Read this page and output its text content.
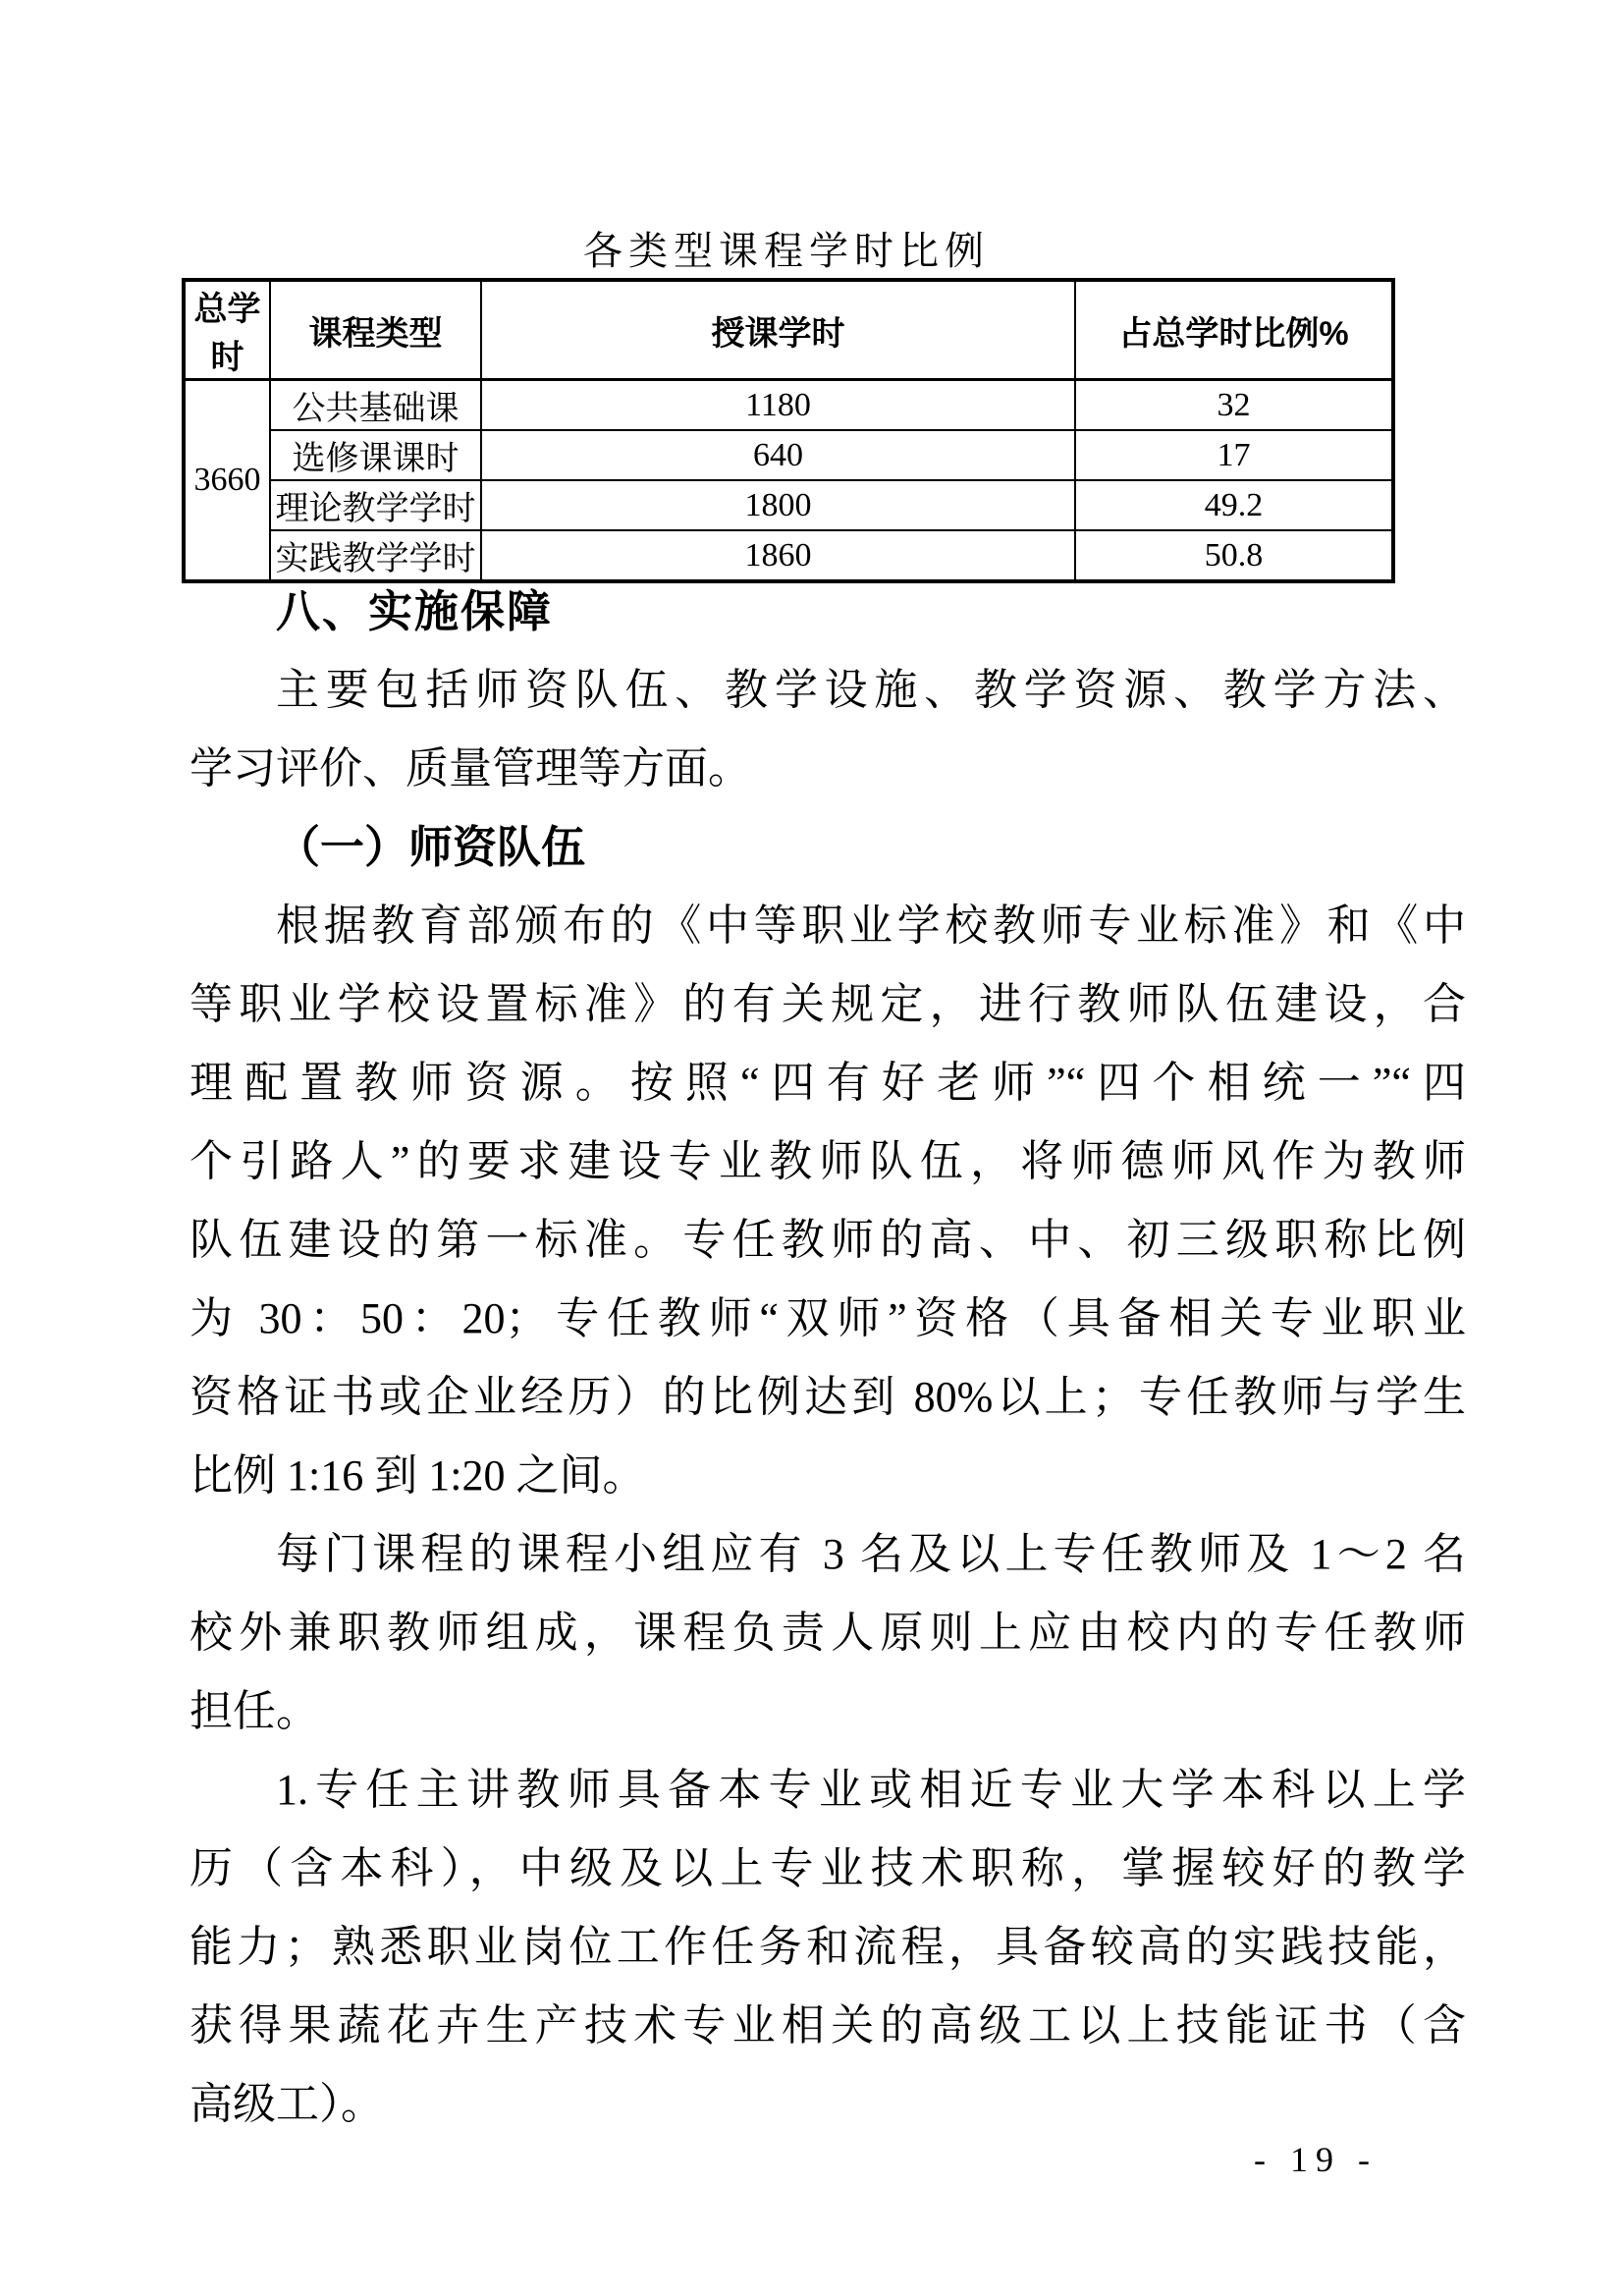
各类型课程学时比例
总学时	课程类型	授课学时	占总学时比例%
3660	公共基础课	1180	32
	选修课课时	640	17
	理论教学学时	1800	49.2
	实践教学学时	1860	50.8
八、实施保障
主要包括师资队伍、教学设施、教学资源、教学方法、
学习评价、质量管理等方面。
（一）师资队伍
根据教育部颁布的《中等职业学校教师专业标准》和《中
等职业学校设置标准》的有关规定，进行教师队伍建设，合
理配置教师资源。按照“四有好老师”“四个相统一”“四
个引路人”的要求建设专业教师队伍，将师德师风作为教师
队伍建设的第一标准。专任教师的高、中、初三级职称比例
为 30：50：20；专任教师“双师”资格（具备相关专业职业
资格证书或企业经历）的比例达到 80%以上；专任教师与学生
比例 1:16 到 1:20 之间。
每门课程的课程小组应有 3 名及以上专任教师及 1～2 名
校外兼职教师组成，课程负责人原则上应由校内的专任教师
担任。
1.专任主讲教师具备本专业或相近专业大学本科以上学
历（含本科），中级及以上专业技术职称，掌握较好的教学
能力；熟悉职业岗位工作任务和流程，具备较高的实践技能，
获得果蔬花卉生产技术专业相关的高级工以上技能证书（含
高级工）。
- 19 -
